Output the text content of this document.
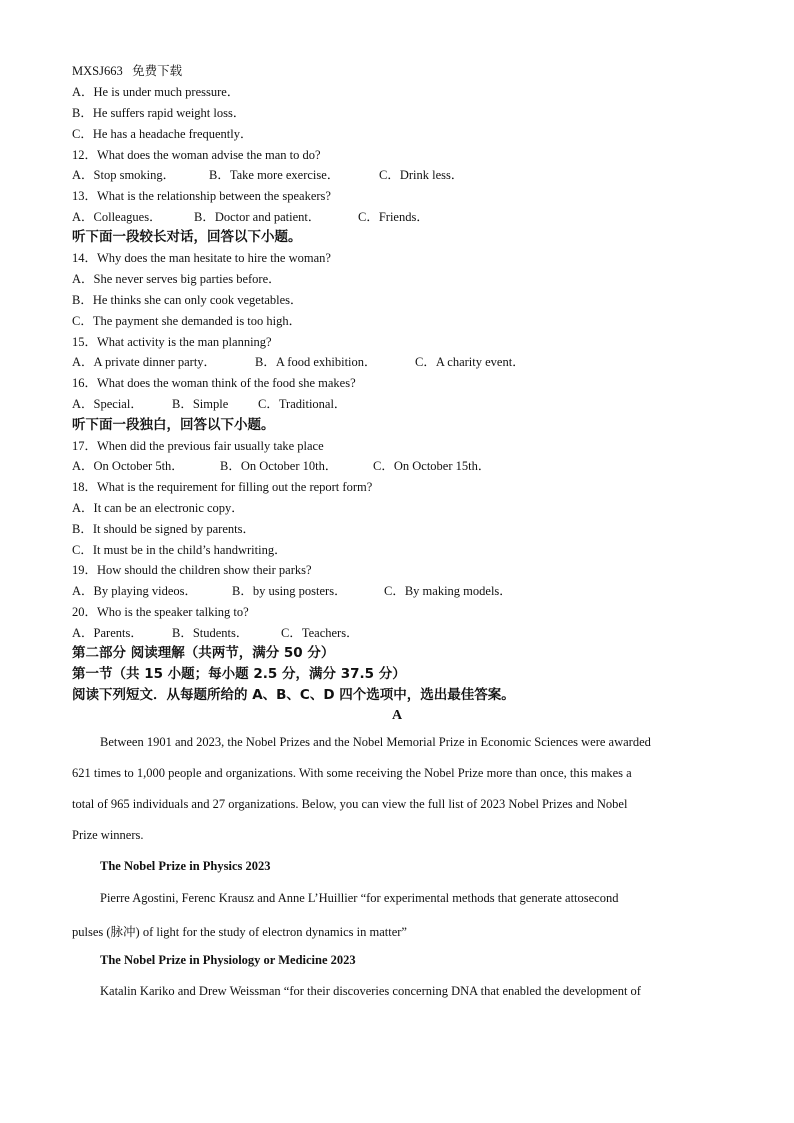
MXSJ663 免费下载
A．He is under much pressure．
B．He suffers rapid weight loss．
C．He has a headache frequently．
12．What does the woman advise the man to do?
A．Stop smoking．	B．Take more exercise．	C．Drink less．
13．What is the relationship between the speakers?
A．Colleagues．	B．Doctor and patient．	C．Friends．
听下面一段较长对话，回答以下小题。
14．Why does the man hesitate to hire the woman?
A．She never serves big parties before．
B．He thinks she can only cook vegetables．
C．The payment she demanded is too high．
15．What activity is the man planning?
A．A private dinner party．	B．A food exhibition．	C．A charity event．
16．What does the woman think of the food she makes?
A．Special． B．Simple C．Traditional．
听下面一段独白，回答以下小题。
17．When did the previous fair usually take place
A．On October 5th．	B．On October 10th．	C．On October 15th．
18．What is the requirement for filling out the report form?
A．It can be an electronic copy．
B．It should be signed by parents．
C．It must be in the child’s handwriting．
19．How should the children show their parks?
A．By playing videos．	B．by using posters．	C．By making models．
20．Who is the speaker talking to?
A．Parents． B．Students．	C．Teachers．
第二部分 阅读理解（共两节，满分 50 分）
第一节（共 15 小题；每小题 2.5 分，满分 37.5 分）
阅读下列短文．从每题所给的 A、B、C、D 四个选项中，选出最佳答案。
A
Between 1901 and 2023, the Nobel Prizes and the Nobel Memorial Prize in Economic Sciences were awarded
621 times to 1,000 people and organizations. With some receiving the Nobel Prize more than once, this makes a
total of 965 individuals and 27 organizations. Below, you can view the full list of 2023 Nobel Prizes and Nobel
Prize winners.
The Nobel Prize in Physics 2023
Pierre Agostini, Ferenc Krausz and Anne L’Huillier “for experimental methods that generate attosecond
pulses (脉冲) of light for the study of electron dynamics in matter”
The Nobel Prize in Physiology or Medicine 2023
Katalin Kariko and Drew Weissman “for their discoveries concerning DNA that enabled the development of
